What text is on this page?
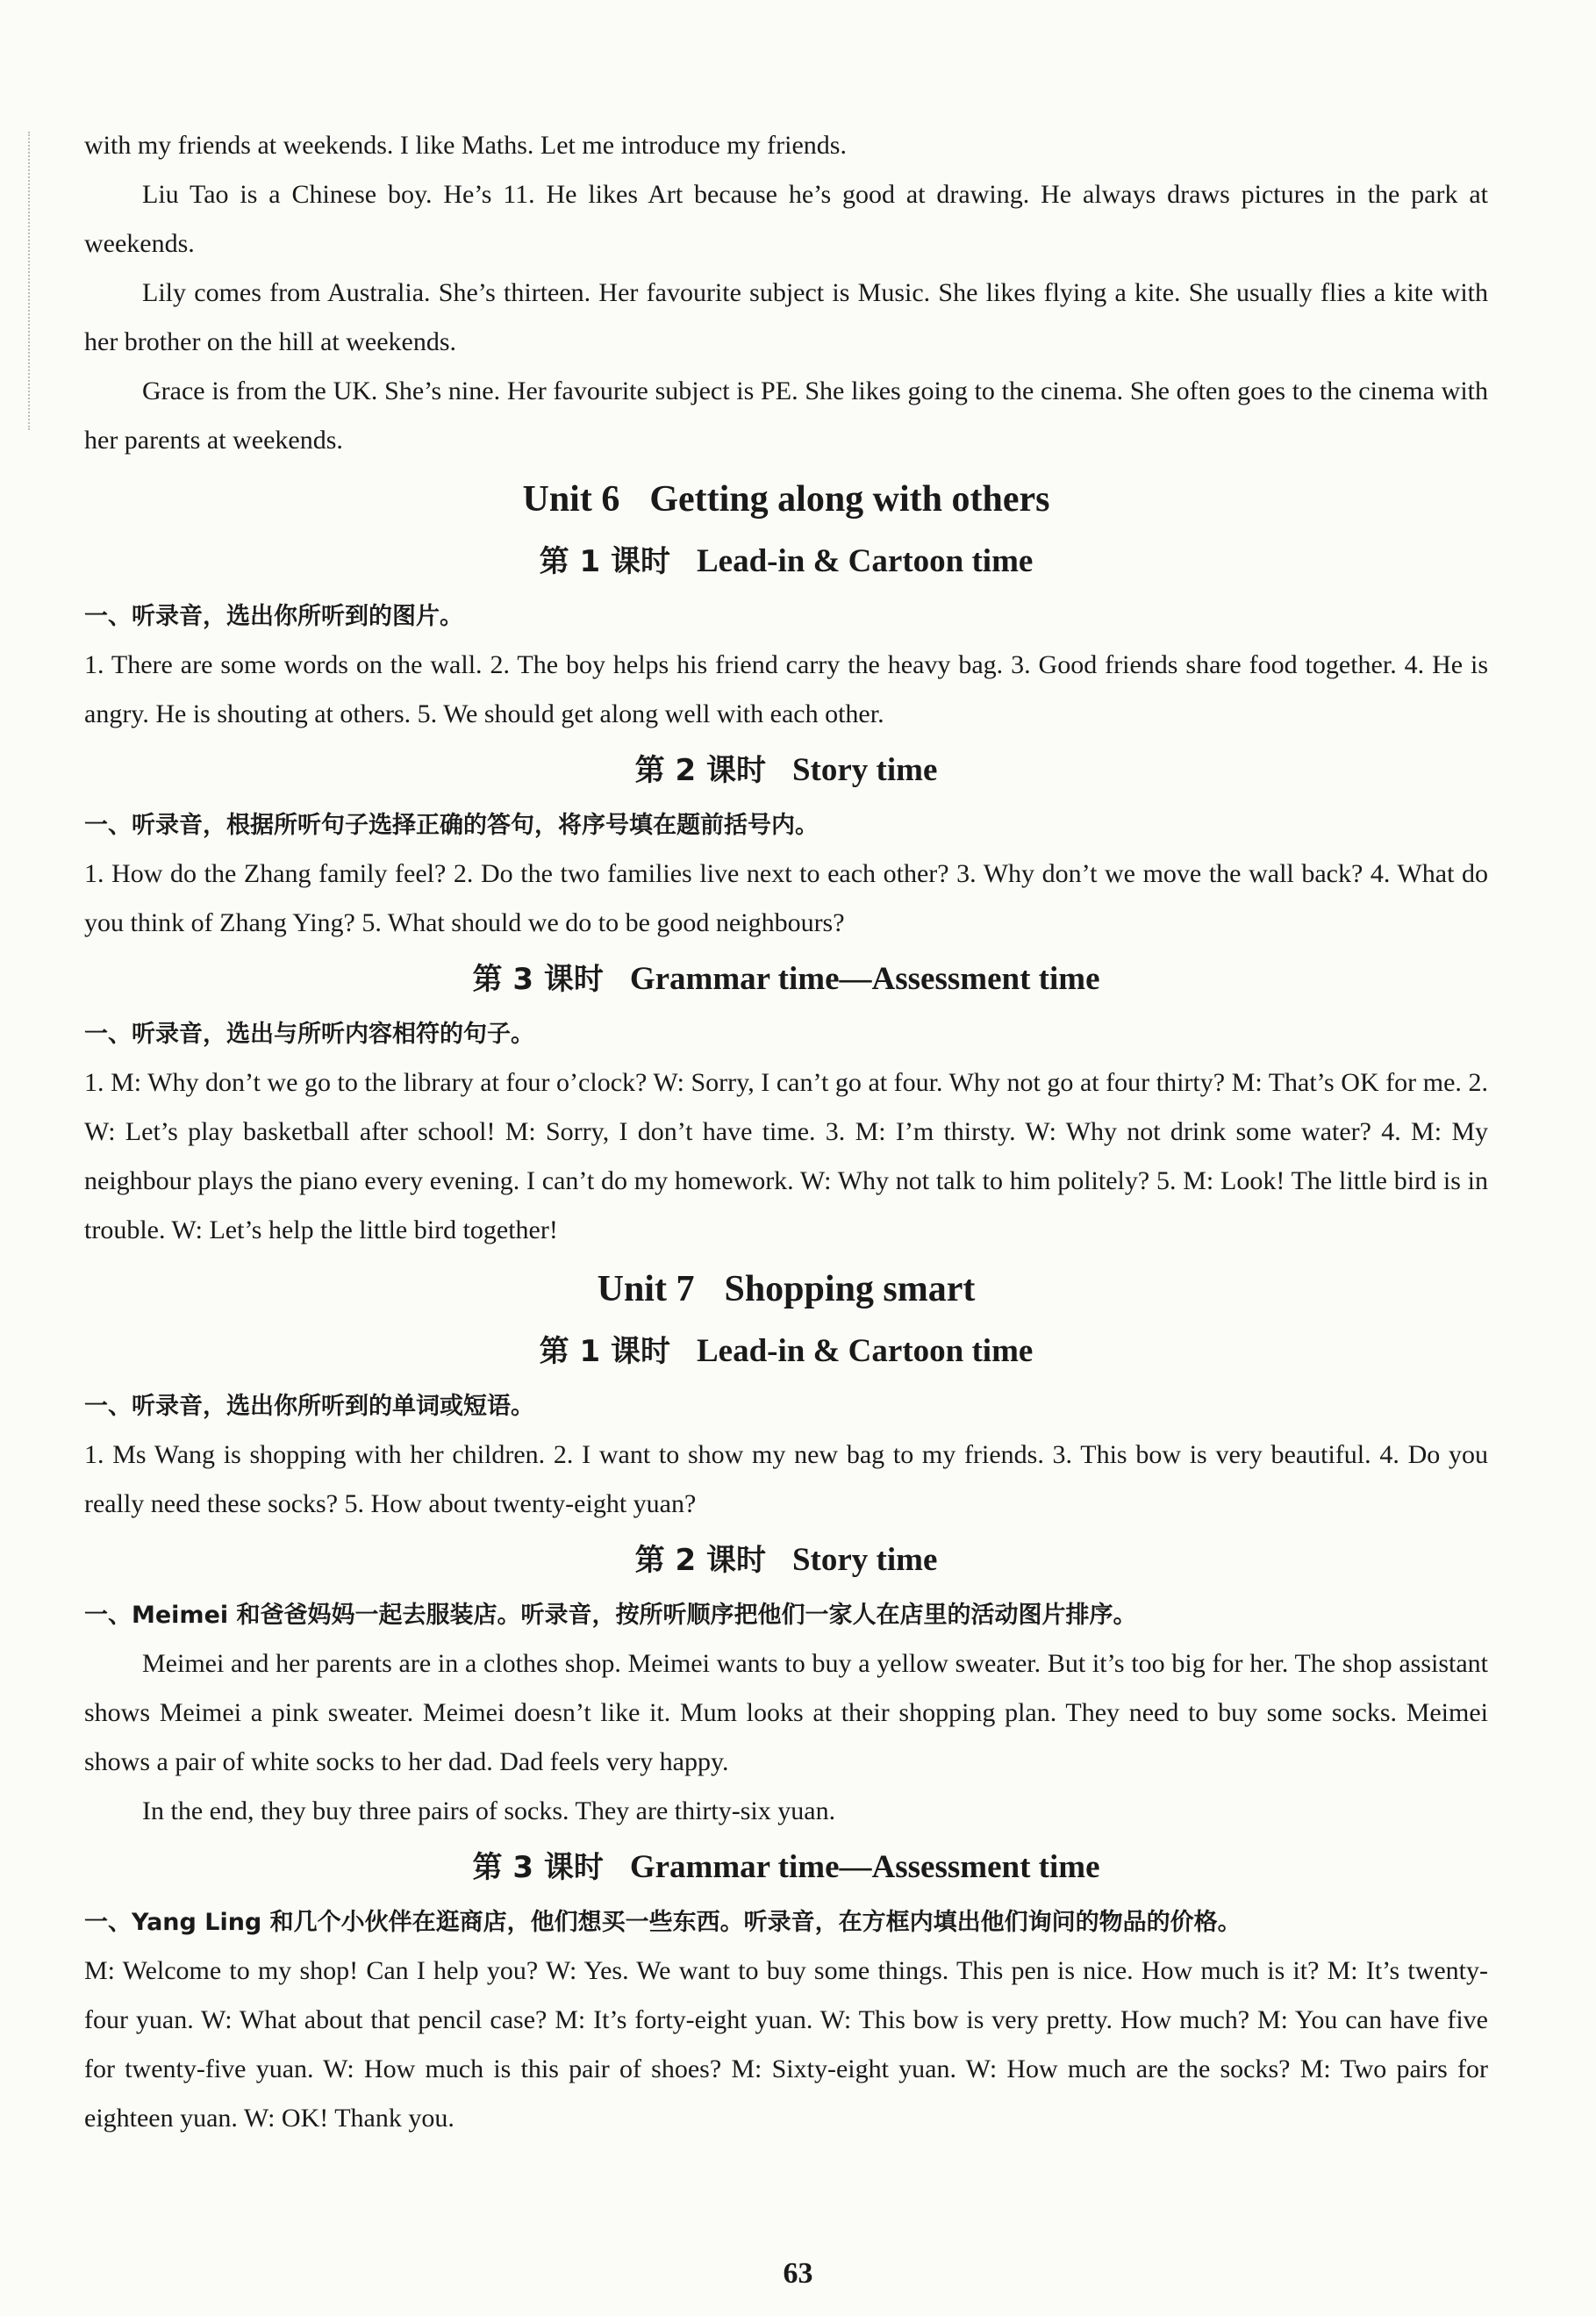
with my friends at weekends. I like Maths. Let me introduce my friends.

Liu Tao is a Chinese boy. He’s 11. He likes Art because he’s good at drawing. He always draws pictures in the park at weekends.

Lily comes from Australia. She’s thirteen. Her favourite subject is Music. She likes flying a kite. She usually flies a kite with her brother on the hill at weekends.

Grace is from the UK. She’s nine. Her favourite subject is PE. She likes going to the cinema. She often goes to the cinema with her parents at weekends.

Unit 6 Getting along with others
第 1 课时 Lead-in & Cartoon time
一、听录音，选出你所听到的图片。

1. There are some words on the wall. 2. The boy helps his friend carry the heavy bag. 3. Good friends share food together. 4. He is angry. He is shouting at others. 5. We should get along well with each other.

第 2 课时 Story time
一、听录音，根据所听句子选择正确的答句，将序号填在题前括号内。

1. How do the Zhang family feel? 2. Do the two families live next to each other? 3. Why don’t we move the wall back? 4. What do you think of Zhang Ying? 5. What should we do to be good neighbours?

第 3 课时 Grammar time—Assessment time
一、听录音，选出与所听内容相符的句子。

1. M: Why don’t we go to the library at four o’clock? W: Sorry, I can’t go at four. Why not go at four thirty? M: That’s OK for me. 2. W: Let’s play basketball after school! M: Sorry, I don’t have time. 3. M: I’m thirsty. W: Why not drink some water? 4. M: My neighbour plays the piano every evening. I can’t do my homework. W: Why not talk to him politely? 5. M: Look! The little bird is in trouble. W: Let’s help the little bird together!

Unit 7 Shopping smart
第 1 课时 Lead-in & Cartoon time
一、听录音，选出你所听到的单词或短语。

1. Ms Wang is shopping with her children. 2. I want to show my new bag to my friends. 3. This bow is very beautiful. 4. Do you really need these socks? 5. How about twenty-eight yuan?

第 2 课时 Story time
一、Meimei 和爸爸妈妈一起去服装店。听录音，按所听顺序把他们一家人在店里的活动图片排序。

Meimei and her parents are in a clothes shop. Meimei wants to buy a yellow sweater. But it’s too big for her. The shop assistant shows Meimei a pink sweater. Meimei doesn’t like it. Mum looks at their shopping plan. They need to buy some socks. Meimei shows a pair of white socks to her dad. Dad feels very happy.

In the end, they buy three pairs of socks. They are thirty-six yuan.

第 3 课时 Grammar time—Assessment time
一、Yang Ling 和几个小伙伴在逛商店，他们想买一些东西。听录音，在方框内填出他们询问的物品的价格。

M: Welcome to my shop! Can I help you? W: Yes. We want to buy some things. This pen is nice. How much is it? M: It’s twenty-four yuan. W: What about that pencil case? M: It’s forty-eight yuan. W: This bow is very pretty. How much? M: You can have five for twenty-five yuan. W: How much is this pair of shoes? M: Sixty-eight yuan. W: How much are the socks? M: Two pairs for eighteen yuan. W: OK! Thank you.

63
